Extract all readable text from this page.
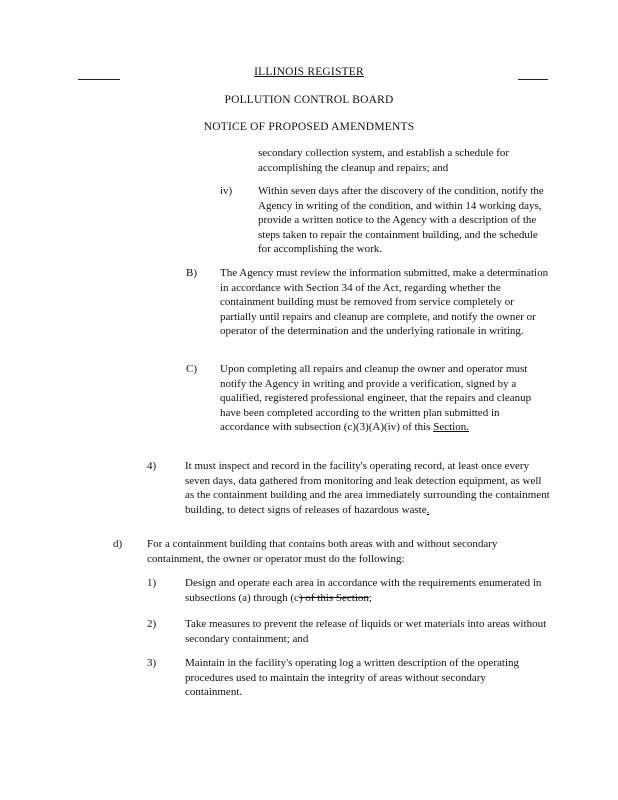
ILLINOIS REGISTER
POLLUTION CONTROL BOARD
NOTICE OF PROPOSED AMENDMENTS
secondary collection system, and establish a schedule for accomplishing the cleanup and repairs; and
iv) Within seven days after the discovery of the condition, notify the Agency in writing of the condition, and within 14 working days, provide a written notice to the Agency with a description of the steps taken to repair the containment building, and the schedule for accomplishing the work.
B) The Agency must review the information submitted, make a determination in accordance with Section 34 of the Act, regarding whether the containment building must be removed from service completely or partially until repairs and cleanup are complete, and notify the owner or operator of the determination and the underlying rationale in writing.
C) Upon completing all repairs and cleanup the owner and operator must notify the Agency in writing and provide a verification, signed by a qualified, registered professional engineer, that the repairs and cleanup have been completed according to the written plan submitted in accordance with subsection (c)(3)(A)(iv) of this Section.
4)	It must inspect and record in the facility's operating record, at least once every seven days, data gathered from monitoring and leak detection equipment, as well as the containment building and the area immediately surrounding the containment building, to detect signs of releases of hazardous waste.
d) For a containment building that contains both areas with and without secondary containment, the owner or operator must do the following:
1)	Design and operate each area in accordance with the requirements enumerated in subsections (a) through (c) of this Section;
2)	Take measures to prevent the release of liquids or wet materials into areas without secondary containment; and
3)	Maintain in the facility's operating log a written description of the operating procedures used to maintain the integrity of areas without secondary containment.
